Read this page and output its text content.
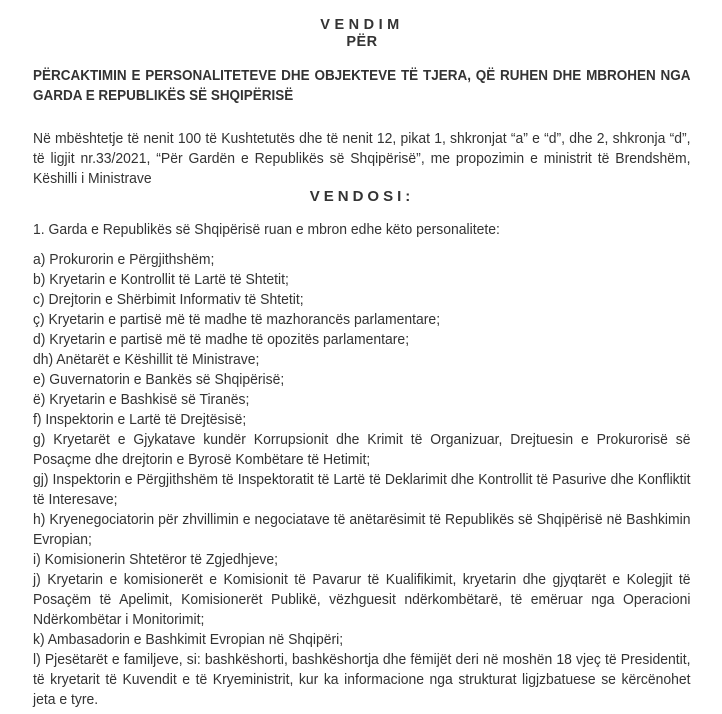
VENDIM
PËR
PËRCAKTIMIN E PERSONALITETEVE DHE OBJEKTEVE TË TJERA, QË RUHEN DHE MBROHEN NGA GARDA E REPUBLIKËS SË SHQIPËRISË
Në mbështetje të nenit 100 të Kushtetutës dhe të nenit 12, pikat 1, shkronjat “a” e “d”, dhe 2, shkronja “d”, të ligjit nr.33/2021, “Për Gardën e Republikës së Shqipërisë”, me propozimin e ministrit të Brendshëm, Këshilli i Ministrave
VENDOSI:
1. Garda e Republikës së Shqipërisë ruan e mbron edhe këto personalitete:
a) Prokurorin e Përgjithshëm;
b) Kryetarin e Kontrollit të Lartë të Shtetit;
c) Drejtorin e Shërbimit Informativ të Shtetit;
ç) Kryetarin e partisë më të madhe të mazhorancës parlamentare;
d) Kryetarin e partisë më të madhe të opozitës parlamentare;
dh) Anëtarët e Këshillit të Ministrave;
e) Guvernatorin e Bankës së Shqipërisë;
ë) Kryetarin e Bashkisë së Tiranës;
f) Inspektorin e Lartë të Drejtësisë;
g) Kryetarët e Gjykatave kundër Korrupsionit dhe Krimit të Organizuar, Drejtuesin e Prokurorisë së Posaçme dhe drejtorin e Byrosë Kombëtare të Hetimit;
gj) Inspektorin e Përgjithshëm të Inspektoratit të Lartë të Deklarimit dhe Kontrollit të Pasurive dhe Konfliktit të Interesave;
h) Kryenegociatorin për zhvillimin e negociatave të anëtarësimit të Republikës së Shqipërisë në Bashkimin Evropian;
i) Komisionerin Shtetëror të Zgjedhjeve;
j) Kryetarin e komisionerët e Komisionit të Pavarur të Kualifikimit, kryetarin dhe gjyqtarët e Kolegjit të Posaçëm të Apelimit, Komisionerët Publikë, vëzhguesit ndërkombëtarë, të emëruar nga Operacioni Ndërkombëtar i Monitorimit;
k) Ambasadorin e Bashkimit Evropian në Shqipëri;
l) Pjesëtarët e familjeve, si: bashkëshorti, bashkëshortja dhe fëmijët deri në moshën 18 vjeç të Presidentit, të kryetarit të Kuvendit e të Kryeministrit, kur ka informacione nga strukturat ligjzbatuese se kërcënohet jeta e tyre.
